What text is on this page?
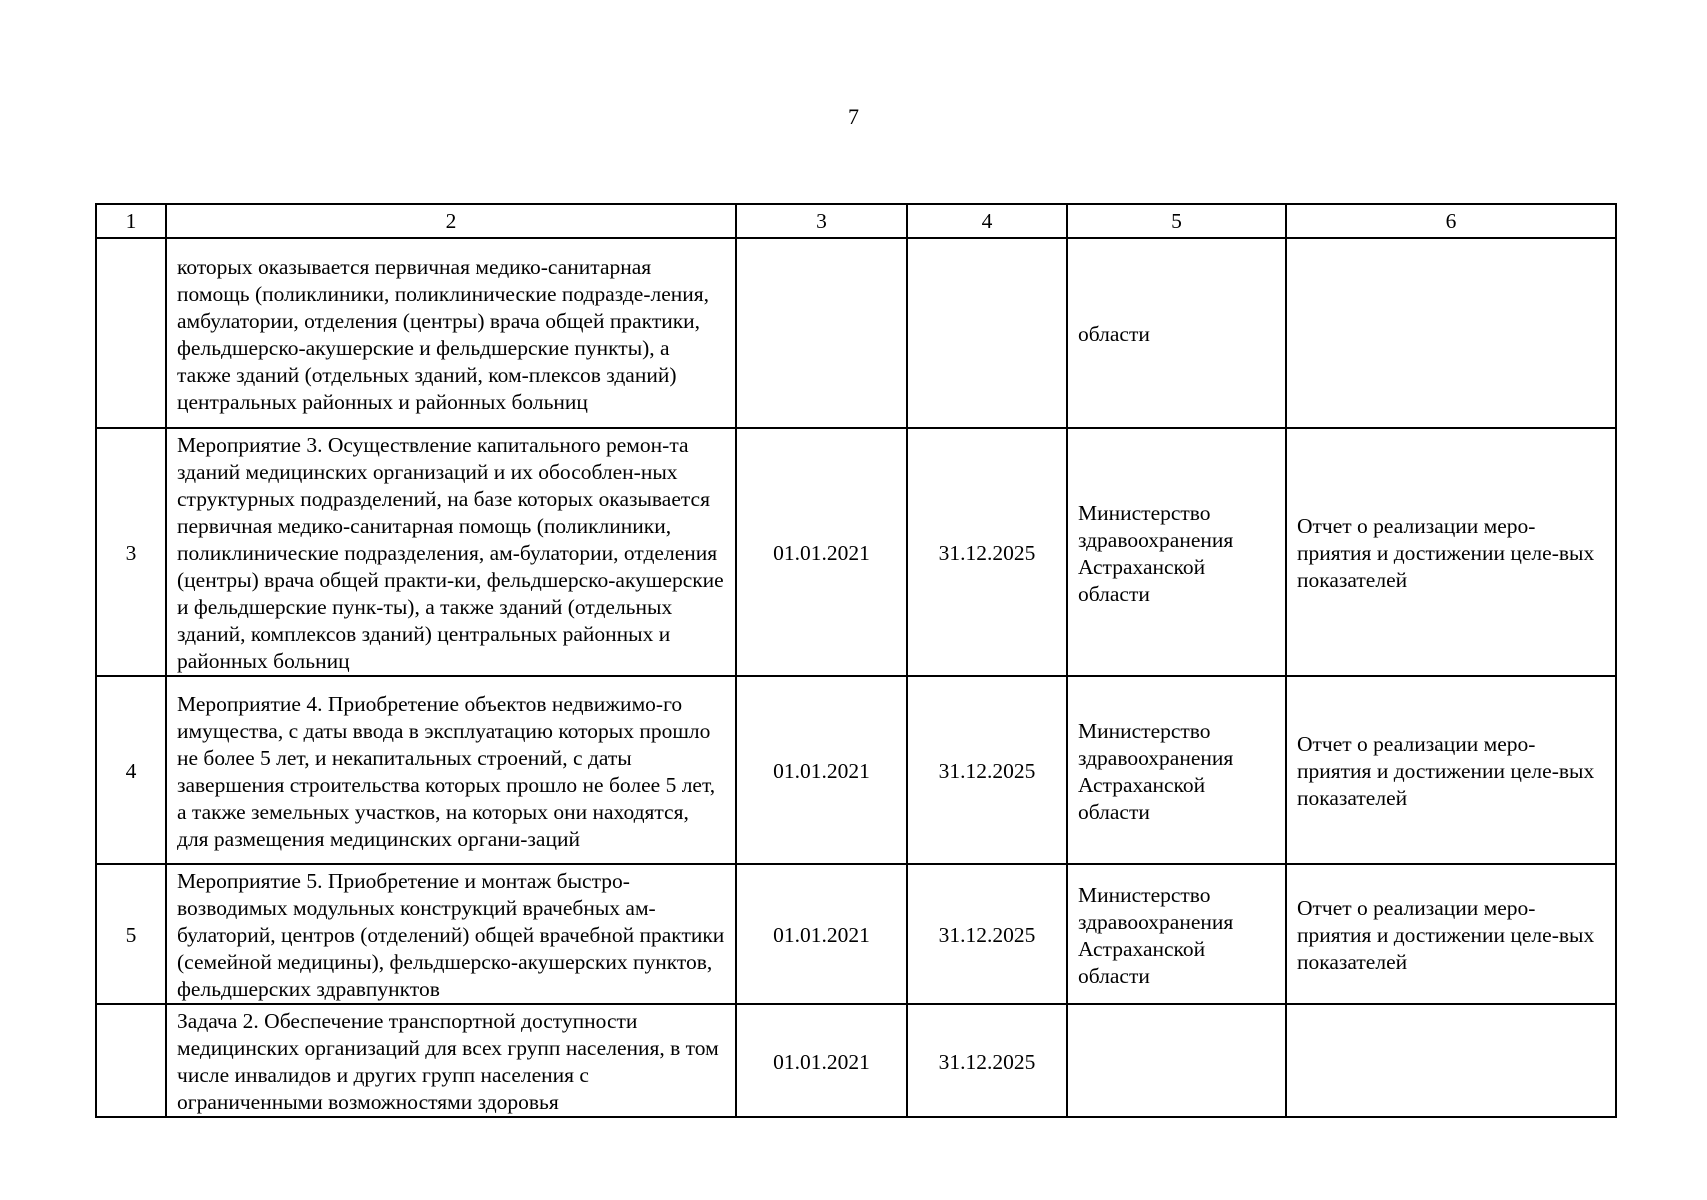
7
1	2	3	4	5	6
	которых оказывается первичная медико-санитарная помощь (поликлиники, поликлинические подразде-ления, амбулатории, отделения (центры) врача общей практики, фельдшерско-акушерские и фельдшерские пункты), а также зданий (отдельных зданий, ком-плексов зданий) центральных районных и районных больниц			области	
3	Мероприятие 3. Осуществление капитального ремон-та зданий медицинских организаций и их обособлен-ных структурных подразделений, на базе которых оказывается первичная медико-санитарная помощь (поликлиники, поликлинические подразделения, ам-булатории, отделения (центры) врача общей практи-ки, фельдшерско-акушерские и фельдшерские пунк-ты), а также зданий (отдельных зданий, комплексов зданий) центральных районных и районных больниц	01.01.2021	31.12.2025	Министерство здравоохранения Астраханской области	Отчет о реализации меро-приятия и достижении целе-вых показателей
4	Мероприятие 4. Приобретение объектов недвижимо-го имущества, с даты ввода в эксплуатацию которых прошло не более 5 лет, и некапитальных строений, с даты завершения строительства которых прошло не более 5 лет, а также земельных участков, на которых они находятся, для размещения медицинских органи-заций	01.01.2021	31.12.2025	Министерство здравоохранения Астраханской области	Отчет о реализации меро-приятия и достижении целе-вых показателей
5	Мероприятие 5. Приобретение и монтаж быстро-возводимых модульных конструкций врачебных ам-булаторий, центров (отделений) общей врачебной практики (семейной медицины), фельдшерско-акушерских пунктов, фельдшерских здравпунктов	01.01.2021	31.12.2025	Министерство здравоохранения Астраханской области	Отчет о реализации меро-приятия и достижении целе-вых показателей
	Задача 2. Обеспечение транспортной доступности медицинских организаций для всех групп населения, в том числе инвалидов и других групп населения с ограниченными возможностями здоровья	01.01.2021	31.12.2025		
